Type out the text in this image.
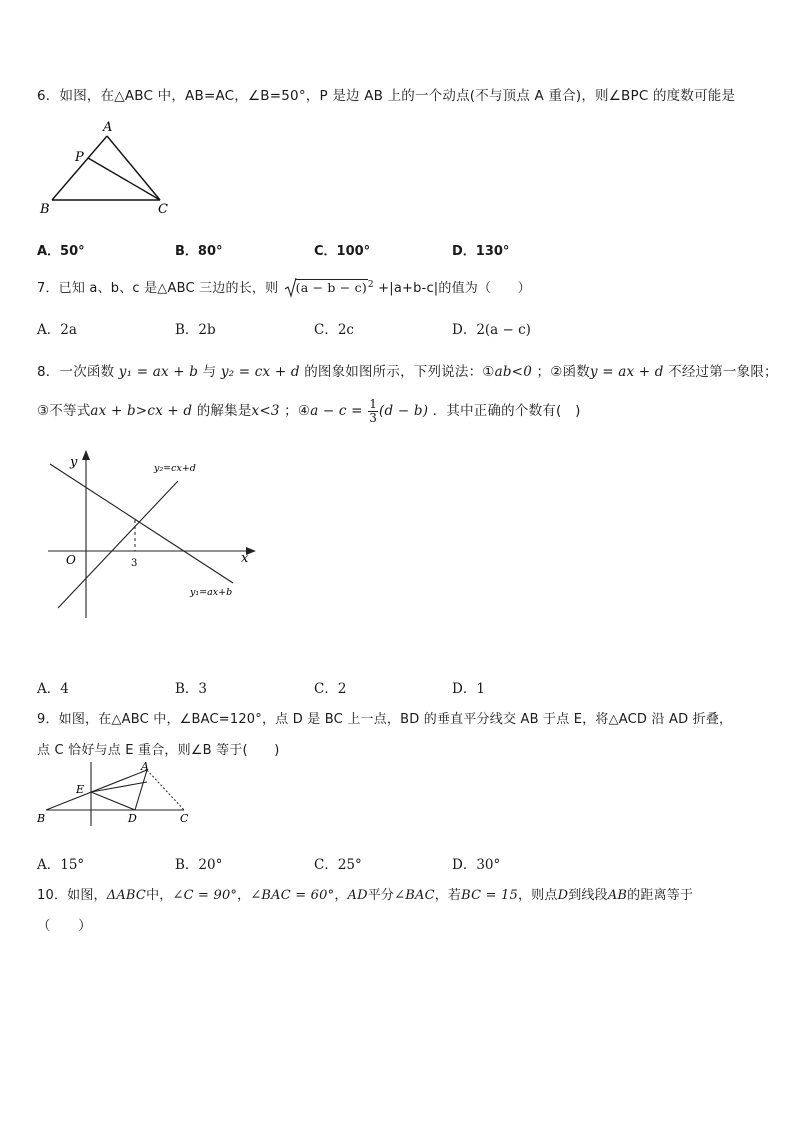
6．如图，在△ABC 中，AB=AC，∠B=50°，P 是边 AB 上的一个动点(不与顶点 A 重合)，则∠BPC 的度数可能是
A
P
B	C
A．50°	B．80°	C．100°	D．130°
7．已知 a、b、c 是△ABC 三边的长，则 $(a - b - c)^2 +|a+b-c|$的值为（　　）
A．2a	B．2b	C．2c	D．2(a − c)
8．一次函数 y₁ = ax + b 与 y₂ = cx + d 的图象如图所示，下列说法：①ab<0 ；②函数y = ax + d 不经过第一象限；
③不等式ax + b>cx + d 的解集是x<3 ；④a − $c = \frac{1}{3} (d - b)$ ．其中正确的个数有(　)
y
x
O	3
y₂=cx+d
y₁=ax+b
A．4	B．3	C．2	D．1
9．如图，在△ABC 中，∠BAC=120°，点 D 是 BC 上一点，BD 的垂直平分线交 AB 于点 E，将△ACD 沿 AD 折叠，
点 C 恰好与点 E 重合，则∠B 等于(　　)
A
E
B	D	C
A．15°	B．20°	C．25°	D．30°
10．如图，ΔABC中，∠C = 90°，∠BAC = 60°，AD平分∠BAC，若BC = 15，则点D到线段AB的距离等于
（　　）
